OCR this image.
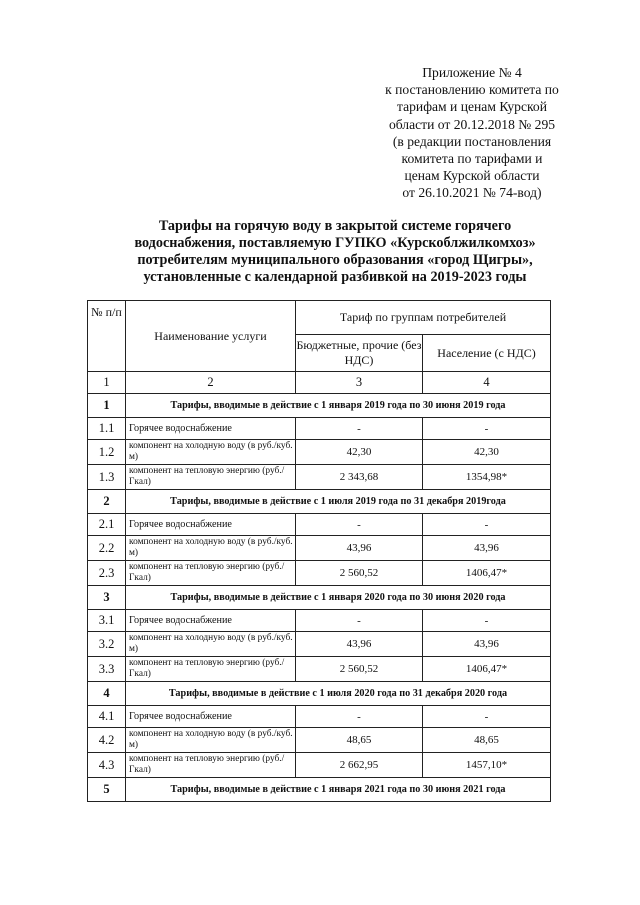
Приложение № 4
к постановлению комитета по
тарифам и ценам Курской
области от 20.12.2018 № 295
(в редакции постановления
комитета по тарифами и
ценам Курской области
от 26.10.2021 № 74-вод)
Тарифы на горячую воду в закрытой системе горячего
водоснабжения, поставляемую ГУПКО «Курскоблжилкомхоз»
потребителям муниципального образования «город Щигры»,
установленные с календарной разбивкой на 2019-2023 годы
№ п/п	Наименование услуги	Тариф по группам потребителей	
		Бюджетные, прочие (без НДС)	Население (с НДС)
1	2	3	4
1	Тарифы, вводимые в действие с 1 января 2019 года по 30 июня 2019 года		
1.1	Горячее водоснабжение	-	-
1.2	компонент на холодную воду (в руб./куб. м)	42,30	42,30
1.3	компонент на тепловую энергию (руб./Гкал)	2 343,68	1354,98*
2	Тарифы, вводимые в действие с 1 июля 2019 года по 31 декабря 2019года		
2.1	Горячее водоснабжение	-	-
2.2	компонент на холодную воду (в руб./куб. м)	43,96	43,96
2.3	компонент на тепловую энергию (руб./Гкал)	2 560,52	1406,47*
3	Тарифы, вводимые в действие с 1 января 2020 года по 30 июня 2020 года		
3.1	Горячее водоснабжение	-	-
3.2	компонент на холодную воду (в руб./куб. м)	43,96	43,96
3.3	компонент на тепловую энергию (руб./Гкал)	2 560,52	1406,47*
4	Тарифы, вводимые в действие с 1 июля 2020 года по 31 декабря 2020 года		
4.1	Горячее водоснабжение	-	-
4.2	компонент на холодную воду (в руб./куб. м)	48,65	48,65
4.3	компонент на тепловую энергию (руб./Гкал)	2 662,95	1457,10*
5	Тарифы, вводимые в действие с 1 января 2021 года по 30 июня 2021 года		
